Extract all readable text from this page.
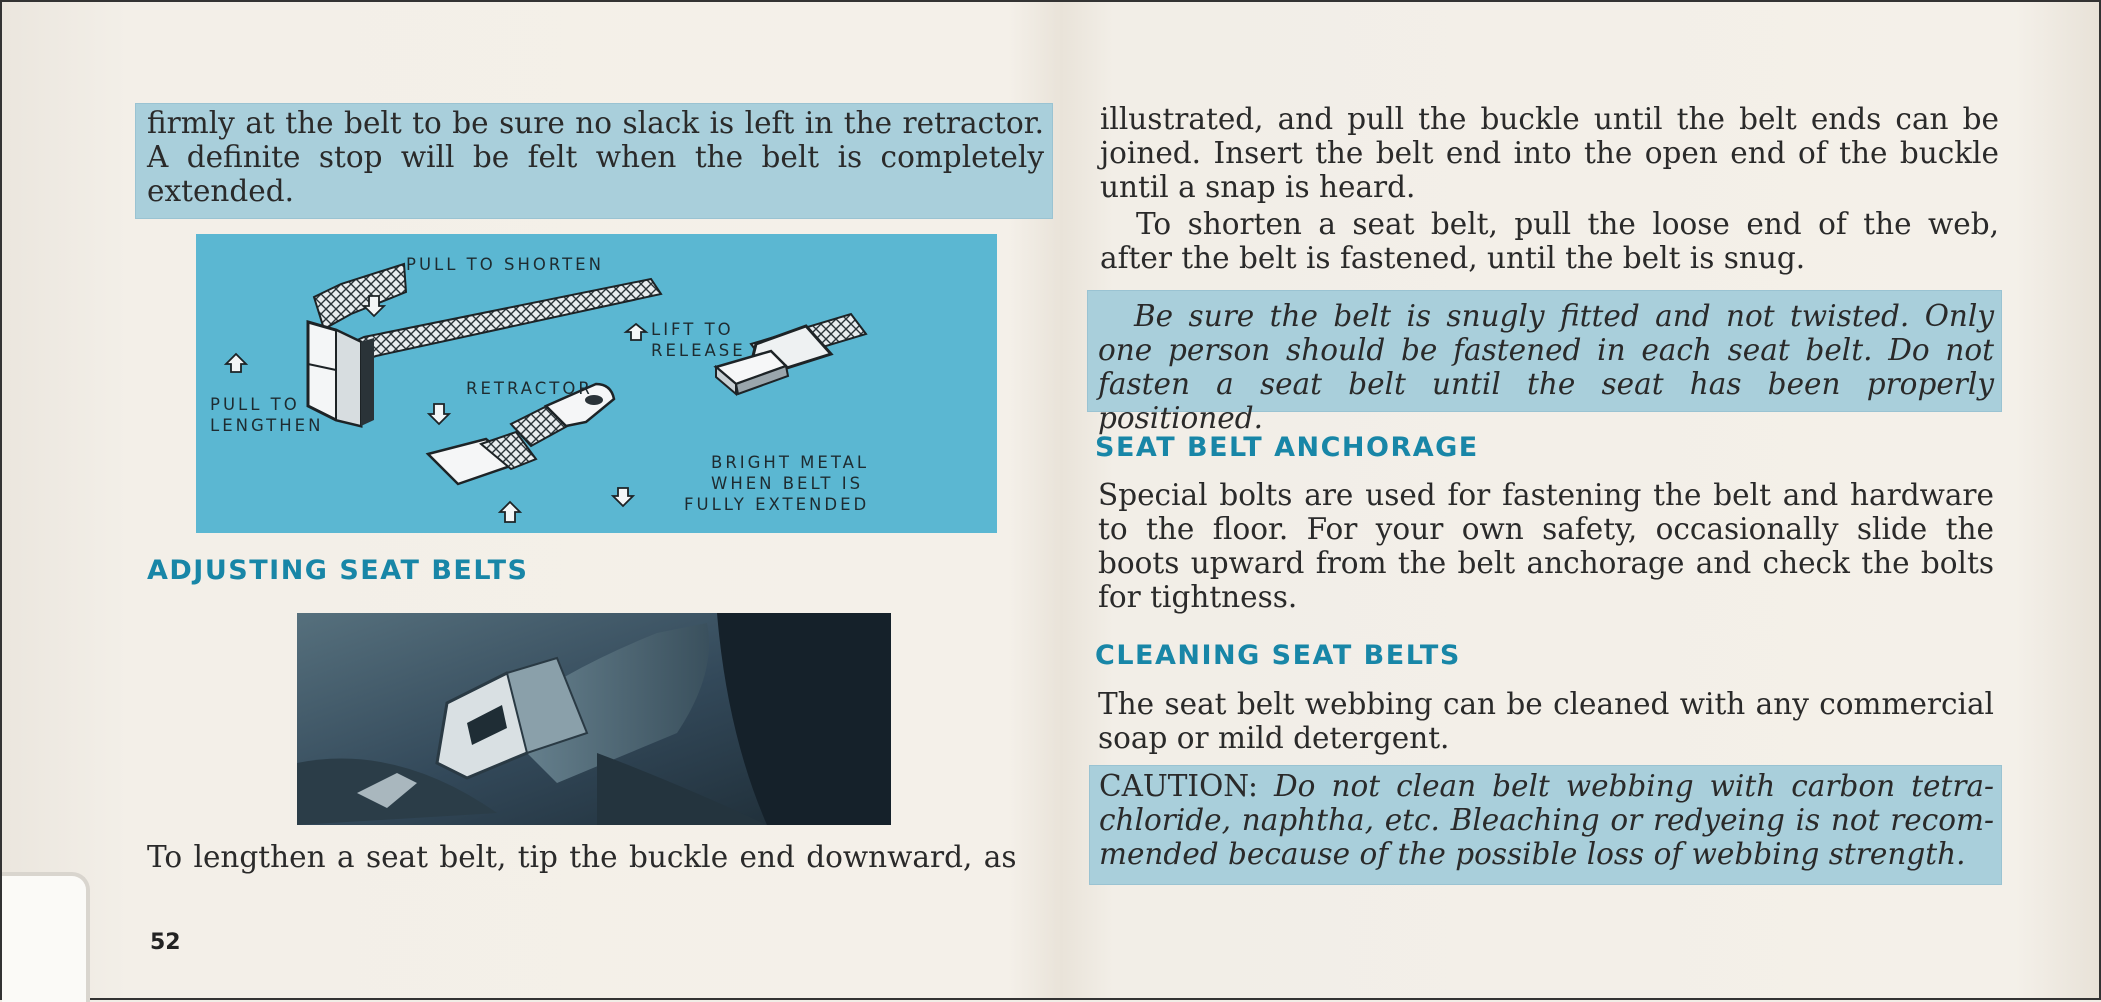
firmly at the belt to be sure no slack is left in the retractor. A definite stop will be felt when the belt is completely extended.

PULL TO SHORTEN
LIFT TO
RELEASE
PULL TO
LENGTHEN
RETRACTOR
BRIGHT METAL
WHEN BELT IS
FULLY EXTENDED
ADJUSTING SEAT BELTS

To lengthen a seat belt, tip the buckle end downward, as

52

illustrated, and pull the buckle until the belt ends can be joined. Insert the belt end into the open end of the buckle until a snap is heard.

To shorten a seat belt, pull the loose end of the web, after the belt is fastened, until the belt is snug.

Be sure the belt is snugly fitted and not twisted. Only one person should be fastened in each seat belt. Do not fasten a seat belt until the seat has been properly positioned.

SEAT BELT ANCHORAGE

Special bolts are used for fastening the belt and hardware to the floor. For your own safety, occasionally slide the boots upward from the belt anchorage and check the bolts for tightness.

CLEANING SEAT BELTS

The seat belt webbing can be cleaned with any commercial soap or mild detergent.

CAUTION: Do not clean belt webbing with carbon tetra-chloride, naphtha, etc. Bleaching or redyeing is not recom-mended because of the possible loss of webbing strength.
